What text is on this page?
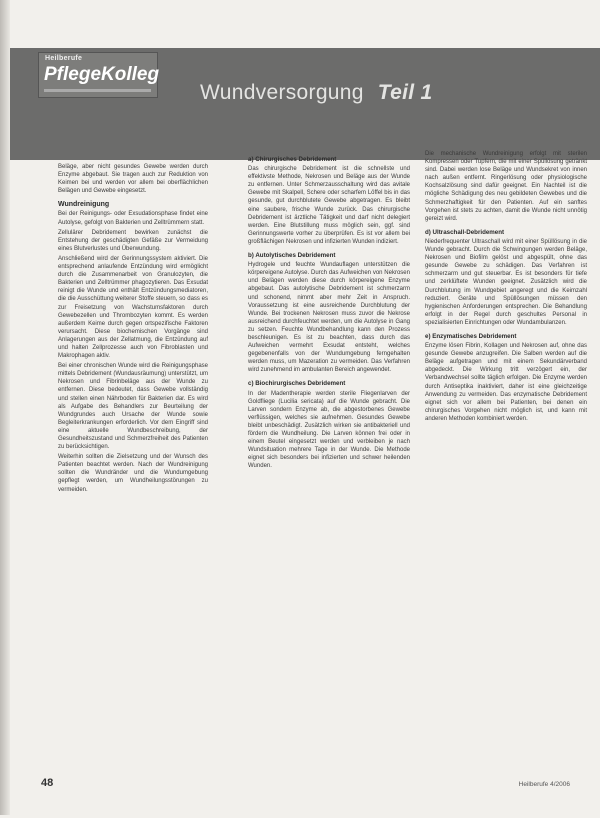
Heilberufe
PflegeKolleg
Wundversorgung Teil 1

Beläge, aber nicht gesundes Gewebe werden durch Enzyme abgebaut. Sie tragen auch zur Reduktion von Keimen bei und werden vor allem bei oberflächlichen Belägen und Gewebe eingesetzt.

Wundreinigung

Bei der Reinigungs- oder Exsudationsphase findet eine Autolyse, gefolgt von Bakterien und Zelltrümmern statt.

Zellulärer Debridement bewirken zunächst die Entstehung der geschädigten Gefäße zur Vermeidung eines Blutverlustes und Überwundung.

Anschließend wird der Gerinnungssystem aktiviert. Die entsprechend anlaufende Entzündung wird ermöglicht durch die Zusammenarbeit von Granulozyten, die Bakterien und Zelltrümmer phagozytieren. Das Exsudat reinigt die Wunde und enthält Entzündungsmediatoren, die die Ausschüttung weiterer Stoffe steuern, so dass es zur Freisetzung von Wachstumsfaktoren durch Gewebezellen und Thrombozyten kommt. Es werden außerdem Keime durch gegen ortspezifische Faktoren verursacht. Diese biochemischen Vorgänge sind Anlagerungen aus der Zellatmung, die Entzündung auf und halten Zellprozesse auch von Fibroblasten und Makrophagen aktiv.

Bei einer chronischen Wunde wird die Reinigungsphase mittels Debridement (Wundausräumung) unterstützt, um Nekrosen und Fibrinbeläge aus der Wunde zu entfernen. Diese bedeutet, dass Gewebe vollständig und stellen einen Nährboden für Bakterien dar. Es wird als Aufgabe des Behandlers zur Beurteilung der Wundgrundes auch Ursache der Wunde sowie Begleiterkrankungen erforderlich. Vor dem Eingriff sind eine aktuelle Wundbeschreibung, der Gesundheitszustand und Schmerzfreiheit des Patienten zu berücksichtigen.

Weiterhin sollten die Zielsetzung und der Wunsch des Patienten beachtet werden. Nach der Wundreinigung sollten die Wundränder und die Wundumgebung gepflegt werden, um Wundheilungsstörungen zu vermeiden.

a) Chirurgisches Debridement

Das chirurgische Debridement ist die schnellste und effektivste Methode, Nekrosen und Beläge aus der Wunde zu entfernen. Unter Schmerzausschaltung wird das avitale Gewebe mit Skalpell, Schere oder scharfem Löffel bis in das gesunde, gut durchblutete Gewebe abgetragen. Es bleibt eine saubere, frische Wunde zurück. Das chirurgische Debridement ist ärztliche Tätigkeit und darf nicht delegiert werden. Eine Blutstillung muss möglich sein, ggf. sind Gerinnungswerte vorher zu überprüfen. Es ist vor allem bei großflächigen Nekrosen und infizierten Wunden indiziert.

b) Autolytisches Debridement

Hydrogele und feuchte Wundauflagen unterstützen die körpereigene Autolyse. Durch das Aufweichen von Nekrosen und Belägen werden diese durch körpereigene Enzyme abgebaut. Das autolytische Debridement ist schmerzarm und schonend, nimmt aber mehr Zeit in Anspruch. Voraussetzung ist eine ausreichende Durchblutung der Wunde. Bei trockenen Nekrosen muss zuvor die Nekrose ausreichend durchfeuchtet werden, um die Autolyse in Gang zu setzen. Feuchte Wundbehandlung kann den Prozess beschleunigen. Es ist zu beachten, dass durch das Aufweichen vermehrt Exsudat entsteht, welches gegebenenfalls von der Wundumgebung ferngehalten werden muss, um Mazeration zu vermeiden. Das Verfahren wird zunehmend im ambulanten Bereich angewendet.

c) Biochirurgisches Debridement

In der Madentherapie werden sterile Fliegenlarven der Goldfliege (Lucilia sericata) auf die Wunde gebracht. Die Larven sondern Enzyme ab, die abgestorbenes Gewebe verflüssigen, welches sie aufnehmen. Gesundes Gewebe bleibt unbeschädigt. Zusätzlich wirken sie antibakteriell und fördern die Wundheilung. Die Larven können frei oder in einem Beutel eingesetzt werden und verbleiben je nach Wundsituation mehrere Tage in der Wunde. Die Methode eignet sich besonders bei infizierten und schwer heilenden Wunden.

Die mechanische Wundreinigung erfolgt mit sterilen Kompressen oder Tupfern, die mit einer Spüllösung getränkt sind. Dabei werden lose Beläge und Wundsekret von innen nach außen entfernt. Ringerlösung oder physiologische Kochsalzlösung sind dafür geeignet. Ein Nachteil ist die mögliche Schädigung des neu gebildeten Gewebes und die Schmerzhaftigkeit für den Patienten. Auf ein sanftes Vorgehen ist stets zu achten, damit die Wunde nicht unnötig gereizt wird.

d) Ultraschall-Debridement

Niederfrequenter Ultraschall wird mit einer Spüllösung in die Wunde gebracht. Durch die Schwingungen werden Beläge, Nekrosen und Biofilm gelöst und abgespült, ohne das gesunde Gewebe zu schädigen. Das Verfahren ist schmerzarm und gut steuerbar. Es ist besonders für tiefe und zerklüftete Wunden geeignet. Zusätzlich wird die Durchblutung im Wundgebiet angeregt und die Keimzahl reduziert. Geräte und Spüllösungen müssen den hygienischen Anforderungen entsprechen. Die Behandlung erfolgt in der Regel durch geschultes Personal in spezialisierten Einrichtungen oder Wundambulanzen.

e) Enzymatisches Debridement

Enzyme lösen Fibrin, Kollagen und Nekrosen auf, ohne das gesunde Gewebe anzugreifen. Die Salben werden auf die Beläge aufgetragen und mit einem Sekundärverband abgedeckt. Die Wirkung tritt verzögert ein, der Verbandwechsel sollte täglich erfolgen. Die Enzyme werden durch Antiseptika inaktiviert, daher ist eine gleichzeitige Anwendung zu vermeiden. Das enzymatische Debridement eignet sich vor allem bei Patienten, bei denen ein chirurgisches Vorgehen nicht möglich ist, und kann mit anderen Methoden kombiniert werden.

48	Heilberufe 4/2006
